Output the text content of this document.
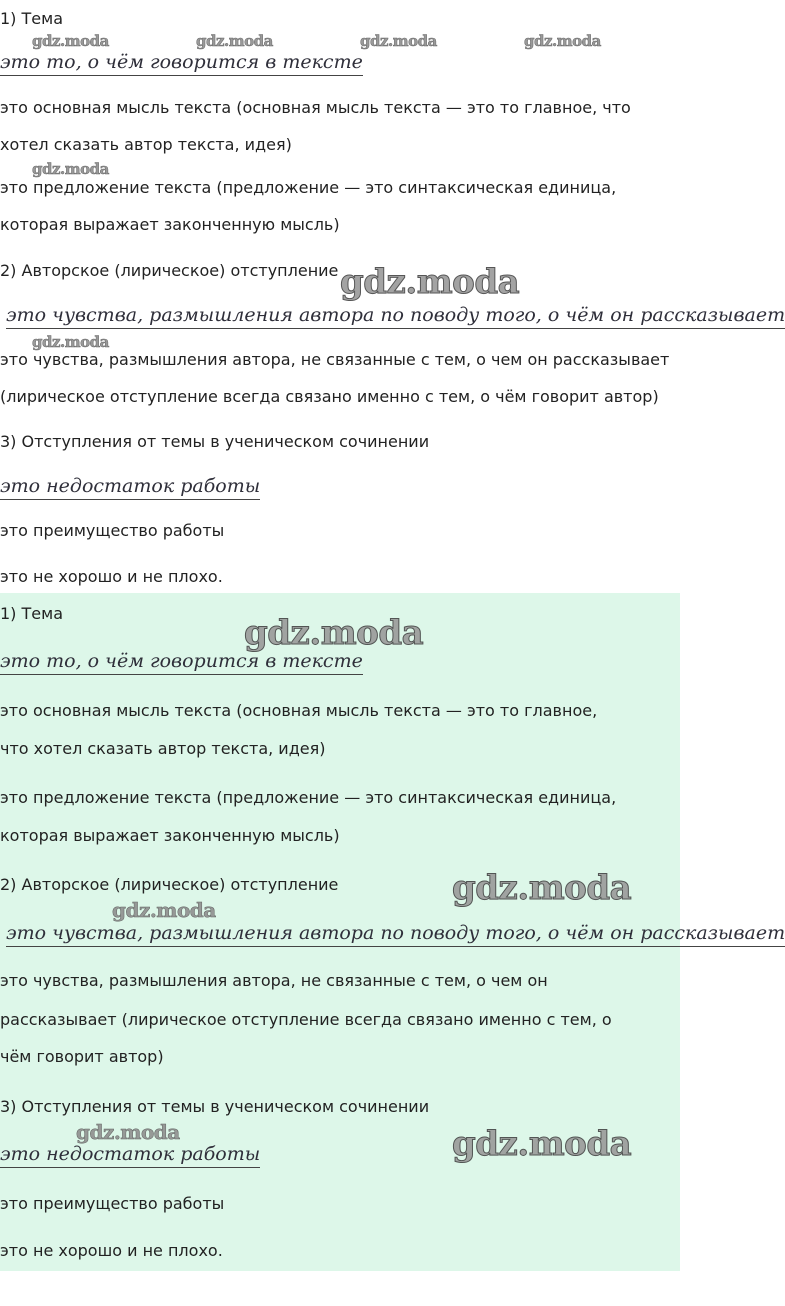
1) Тема
gdz.moda	gdz.moda	gdz.moda	gdz.moda
это то, о чём говорится в тексте
это основная мысль текста (основная мысль текста — это то главное, что
хотел сказать автор текста, идея)
gdz.moda
это предложение текста (предложение — это синтаксическая единица,
которая выражает законченную мысль)
2) Авторское (лирическое) отступление gdz.moda
это чувства, размышления автора по поводу того, о чём он рассказывает
gdz.moda
это чувства, размышления автора, не связанные с тем, о чем он рассказывает
(лирическое отступление всегда связано именно с тем, о чём говорит автор)
3) Отступления от темы в ученическом сочинении
это недостаток работы
это преимущество работы
это не хорошо и не плохо.
1) Тема	gdz.moda
это то, о чём говорится в тексте
это основная мысль текста (основная мысль текста — это то главное,
что хотел сказать автор текста, идея)
это предложение текста (предложение — это синтаксическая единица,
которая выражает законченную мысль)
2) Авторское (лирическое) отступление	gdz.moda
gdz.moda
это чувства, размышления автора по поводу того, о чём он рассказывает
это чувства, размышления автора, не связанные с тем, о чем он
рассказывает (лирическое отступление всегда связано именно с тем, о
чём говорит автор)
3) Отступления от темы в ученическом сочинении
gdz.moda	gdz.moda
это недостаток работы
это преимущество работы
это не хорошо и не плохо.
